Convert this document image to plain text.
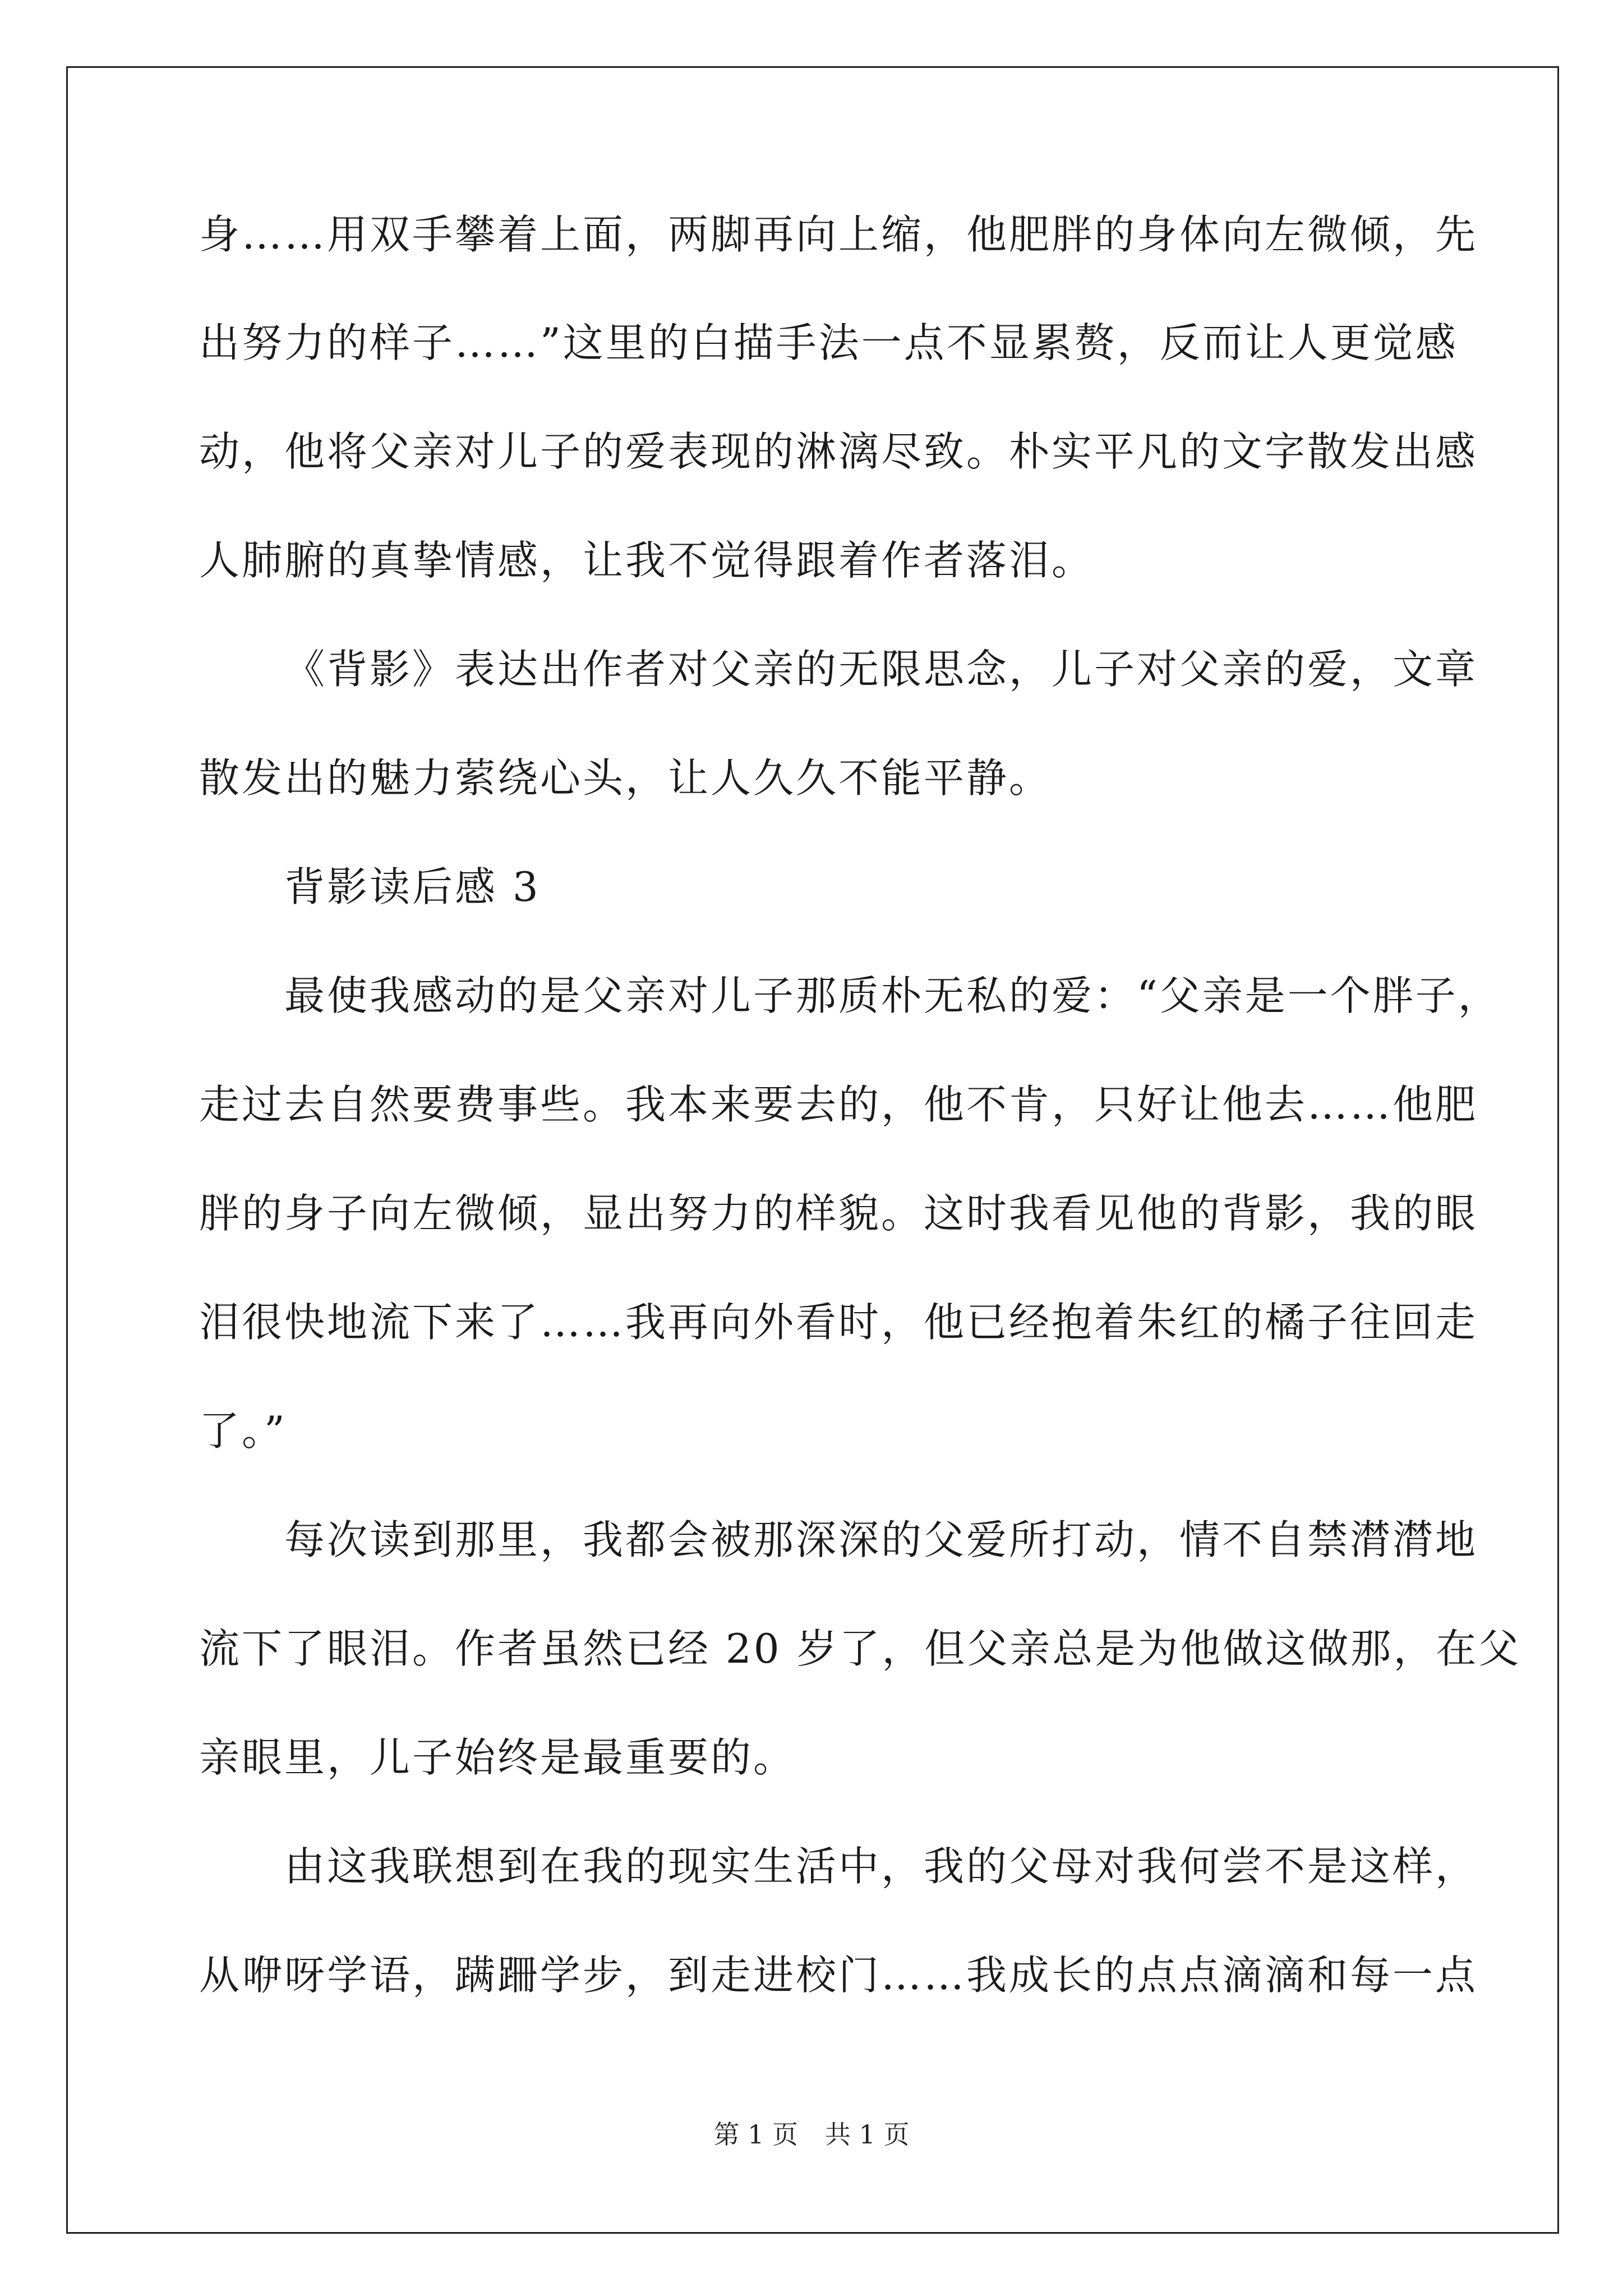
身……用双手攀着上面，两脚再向上缩，他肥胖的身体向左微倾，先
出努力的样子……”这里的白描手法一点不显累赘，反而让人更觉感
动，他将父亲对儿子的爱表现的淋漓尽致。朴实平凡的文字散发出感
人肺腑的真挚情感，让我不觉得跟着作者落泪。
《背影》表达出作者对父亲的无限思念，儿子对父亲的爱，文章
散发出的魅力萦绕心头，让人久久不能平静。
背影读后感 3
最使我感动的是父亲对儿子那质朴无私的爱：“父亲是一个胖子，
走过去自然要费事些。我本来要去的，他不肯，只好让他去……他肥
胖的身子向左微倾，显出努力的样貌。这时我看见他的背影，我的眼
泪很快地流下来了……我再向外看时，他已经抱着朱红的橘子往回走
了。”
每次读到那里，我都会被那深深的父爱所打动，情不自禁潸潸地
流下了眼泪。作者虽然已经 20 岁了，但父亲总是为他做这做那，在父
亲眼里，儿子始终是最重要的。
由这我联想到在我的现实生活中，我的父母对我何尝不是这样，
从咿呀学语，蹒跚学步，到走进校门……我成长的点点滴滴和每一点
第 1 页 共 1 页
